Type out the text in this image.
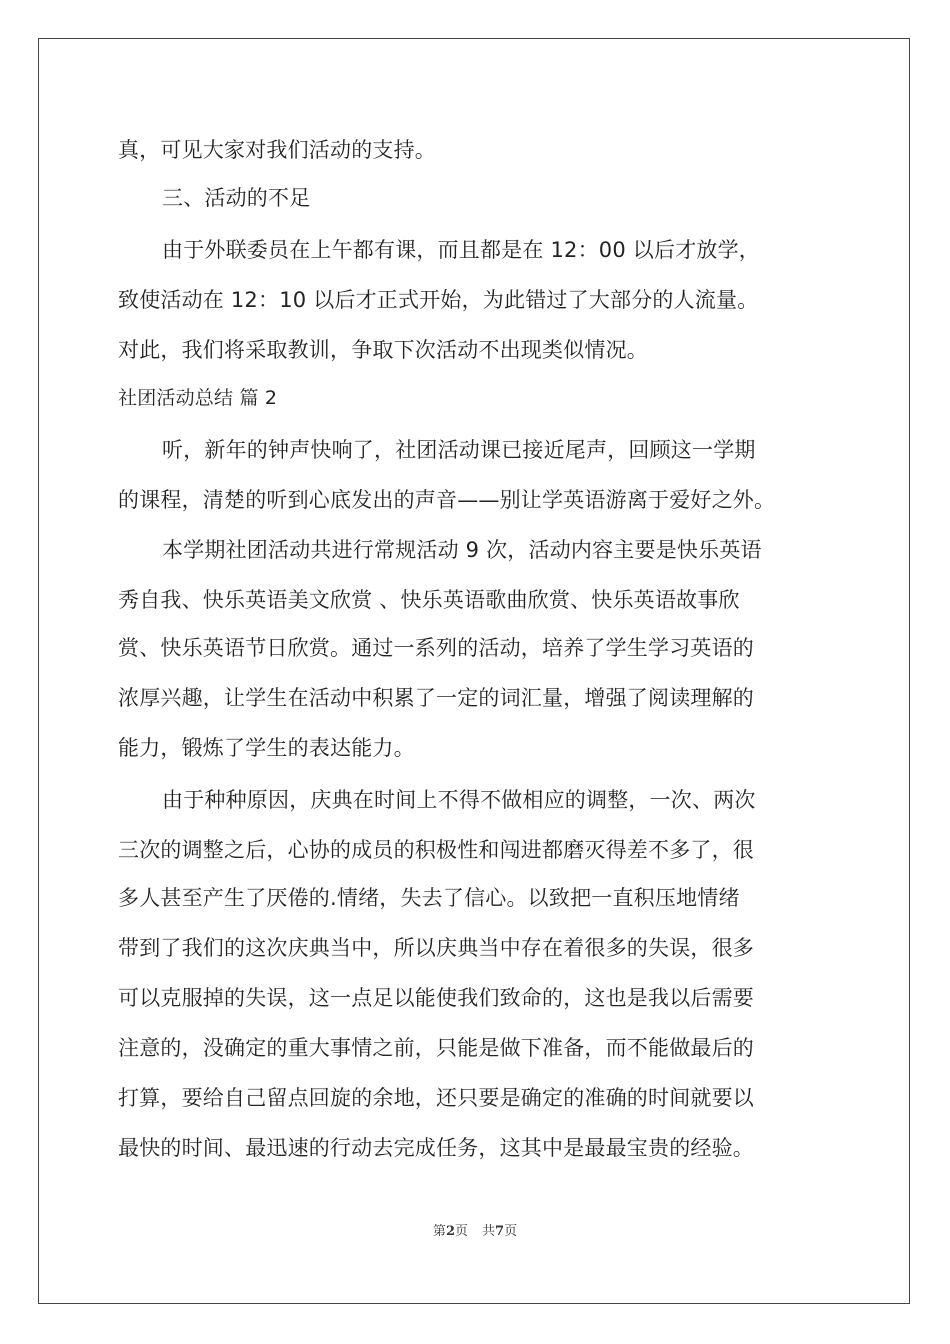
真，可见大家对我们活动的支持。

三、活动的不足

由于外联委员在上午都有课，而且都是在 12：00 以后才放学，

致使活动在 12：10 以后才正式开始，为此错过了大部分的人流量。

对此，我们将采取教训，争取下次活动不出现类似情况。

社团活动总结 篇 2

听，新年的钟声快响了，社团活动课已接近尾声，回顾这一学期

的课程，清楚的听到心底发出的声音——别让学英语游离于爱好之外。

本学期社团活动共进行常规活动 9 次，活动内容主要是快乐英语

秀自我、快乐英语美文欣赏 、快乐英语歌曲欣赏、快乐英语故事欣

赏、快乐英语节日欣赏。通过一系列的活动，培养了学生学习英语的

浓厚兴趣，让学生在活动中积累了一定的词汇量，增强了阅读理解的

能力，锻炼了学生的表达能力。

由于种种原因，庆典在时间上不得不做相应的调整，一次、两次

三次的调整之后，心协的成员的积极性和闯进都磨灭得差不多了，很

多人甚至产生了厌倦的.情绪，失去了信心。以致把一直积压地情绪

带到了我们的这次庆典当中，所以庆典当中存在着很多的失误，很多

可以克服掉的失误，这一点足以能使我们致命的，这也是我以后需要

注意的，没确定的重大事情之前，只能是做下准备，而不能做最后的

打算，要给自己留点回旋的余地，还只要是确定的准确的时间就要以

最快的时间、最迅速的行动去完成任务，这其中是最最宝贵的经验。

第2页 共7页
